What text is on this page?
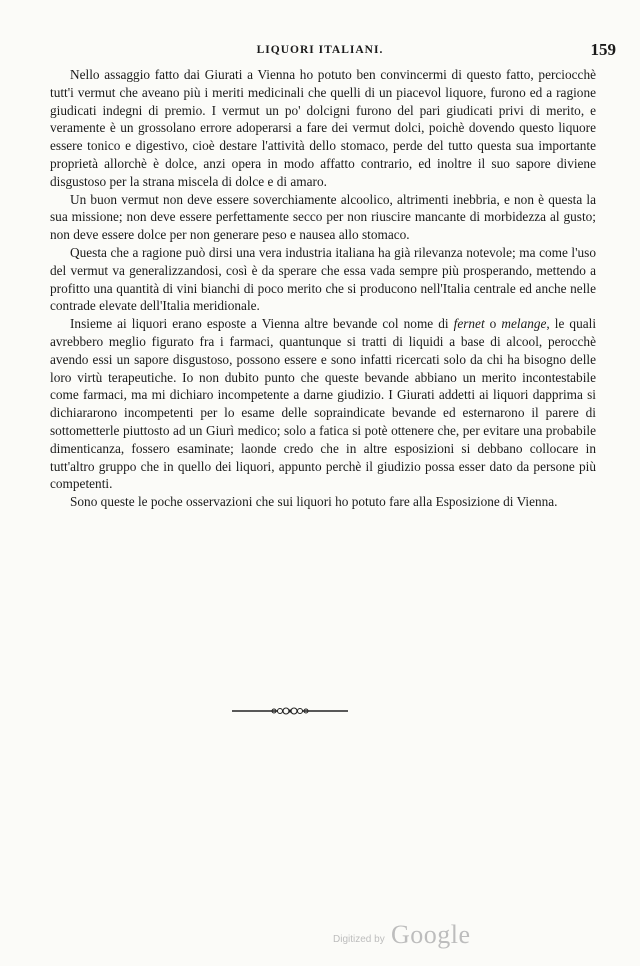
LIQUORI ITALIANI.	159

Nello assaggio fatto dai Giurati a Vienna ho potuto ben convincermi di questo fatto, perciocchè tutt'i vermut che aveano più i meriti medicinali che quelli di un piacevol liquore, furono ed a ragione giudicati indegni di premio. I vermut un po' dolcigni furono del pari giudicati privi di merito, e veramente è un grossolano errore adoperarsi a fare dei vermut dolci, poichè dovendo questo liquore essere tonico e digestivo, cioè destare l'attività dello stomaco, perde del tutto questa sua importante proprietà allorchè è dolce, anzi opera in modo affatto contrario, ed inoltre il suo sapore diviene disgustoso per la strana miscela di dolce e di amaro.

Un buon vermut non deve essere soverchiamente alcoolico, altrimenti inebbria, e non è questa la sua missione; non deve essere perfettamente secco per non riuscire mancante di morbidezza al gusto; non deve essere dolce per non generare peso e nausea allo stomaco.

Questa che a ragione può dirsi una vera industria italiana ha già rilevanza notevole; ma come l'uso del vermut va generalizzandosi, così è da sperare che essa vada sempre più prosperando, mettendo a profitto una quantità di vini bianchi di poco merito che si producono nell'Italia centrale ed anche nelle contrade elevate dell'Italia meridionale.

Insieme ai liquori erano esposte a Vienna altre bevande col nome di fernet o melange, le quali avrebbero meglio figurato fra i farmaci, quantunque si tratti di liquidi a base di alcool, perocchè avendo essi un sapore disgustoso, possono essere e sono infatti ricercati solo da chi ha bisogno delle loro virtù terapeutiche. Io non dubito punto che queste bevande abbiano un merito incontestabile come farmaci, ma mi dichiaro incompetente a darne giudizio. I Giurati addetti ai liquori dapprima si dichiararono incompetenti per lo esame delle sopraindicate bevande ed esternarono il parere di sottometterle piuttosto ad un Giurì medico; solo a fatica si potè ottenere che, per evitare una probabile dimenticanza, fossero esaminate; laonde credo che in altre esposizioni si debbano collocare in tutt'altro gruppo che in quello dei liquori, appunto perchè il giudizio possa esser dato da persone più competenti.

Sono queste le poche osservazioni che sui liquori ho potuto fare alla Esposizione di Vienna.

Digitized by Google
